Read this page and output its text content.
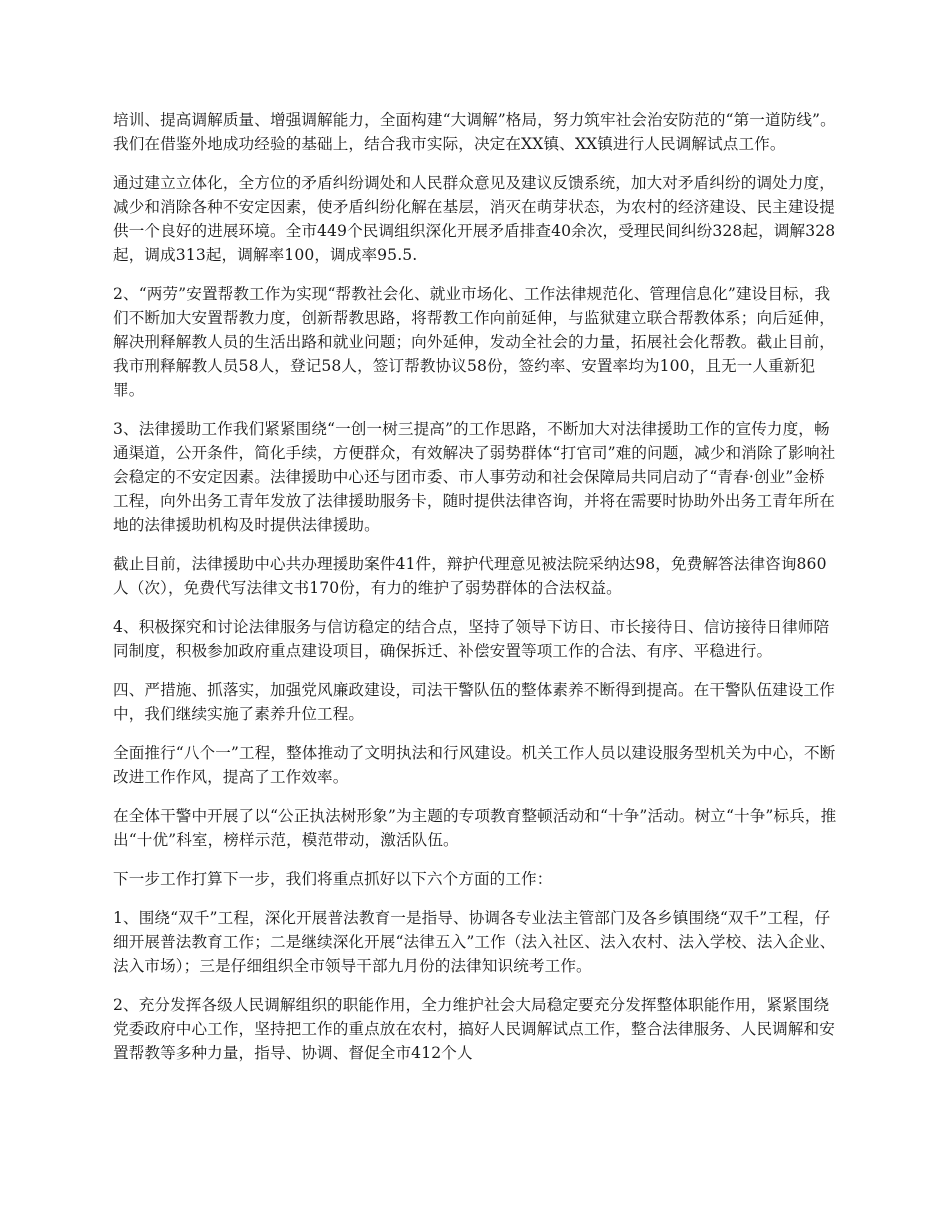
培训、提高调解质量、增强调解能力，全面构建“大调解”格局，努力筑牢社会治安防范的“第一道防线”。我们在借鉴外地成功经验的基础上，结合我市实际，决定在XX镇、XX镇进行人民调解试点工作。

通过建立立体化，全方位的矛盾纠纷调处和人民群众意见及建议反馈系统，加大对矛盾纠纷的调处力度，减少和消除各种不安定因素，使矛盾纠纷化解在基层，消灭在萌芽状态，为农村的经济建设、民主建设提供一个良好的进展环境。全市449个民调组织深化开展矛盾排查40余次，受理民间纠纷328起，调解328起，调成313起，调解率100，调成率95.5.

2、“两劳”安置帮教工作为实现“帮教社会化、就业市场化、工作法律规范化、管理信息化”建设目标，我们不断加大安置帮教力度，创新帮教思路，将帮教工作向前延伸，与监狱建立联合帮教体系；向后延伸，解决刑释解教人员的生活出路和就业问题；向外延伸，发动全社会的力量，拓展社会化帮教。截止目前，我市刑释解教人员58人，登记58人，签订帮教协议58份，签约率、安置率均为100，且无一人重新犯罪。

3、法律援助工作我们紧紧围绕“一创一树三提高”的工作思路，不断加大对法律援助工作的宣传力度，畅通渠道，公开条件，简化手续，方便群众，有效解决了弱势群体“打官司”难的问题，减少和消除了影响社会稳定的不安定因素。法律援助中心还与团市委、市人事劳动和社会保障局共同启动了“青春·创业”金桥工程，向外出务工青年发放了法律援助服务卡，随时提供法律咨询，并将在需要时协助外出务工青年所在地的法律援助机构及时提供法律援助。

截止目前，法律援助中心共办理援助案件41件，辩护代理意见被法院采纳达98，免费解答法律咨询860人（次），免费代写法律文书170份，有力的维护了弱势群体的合法权益。

4、积极探究和讨论法律服务与信访稳定的结合点，坚持了领导下访日、市长接待日、信访接待日律师陪同制度，积极参加政府重点建设项目，确保拆迁、补偿安置等项工作的合法、有序、平稳进行。

四、严措施、抓落实，加强党风廉政建设，司法干警队伍的整体素养不断得到提高。在干警队伍建设工作中，我们继续实施了素养升位工程。

全面推行“八个一”工程，整体推动了文明执法和行风建设。机关工作人员以建设服务型机关为中心，不断改进工作作风，提高了工作效率。

在全体干警中开展了以“公正执法树形象”为主题的专项教育整顿活动和“十争”活动。树立“十争”标兵，推出“十优”科室，榜样示范，模范带动，激活队伍。

下一步工作打算下一步，我们将重点抓好以下六个方面的工作：

1、围绕“双千”工程，深化开展普法教育一是指导、协调各专业法主管部门及各乡镇围绕“双千”工程，仔细开展普法教育工作；二是继续深化开展“法律五入”工作（法入社区、法入农村、法入学校、法入企业、法入市场）；三是仔细组织全市领导干部九月份的法律知识统考工作。

2、充分发挥各级人民调解组织的职能作用，全力维护社会大局稳定要充分发挥整体职能作用，紧紧围绕党委政府中心工作，坚持把工作的重点放在农村，搞好人民调解试点工作，整合法律服务、人民调解和安置帮教等多种力量，指导、协调、督促全市412个人
